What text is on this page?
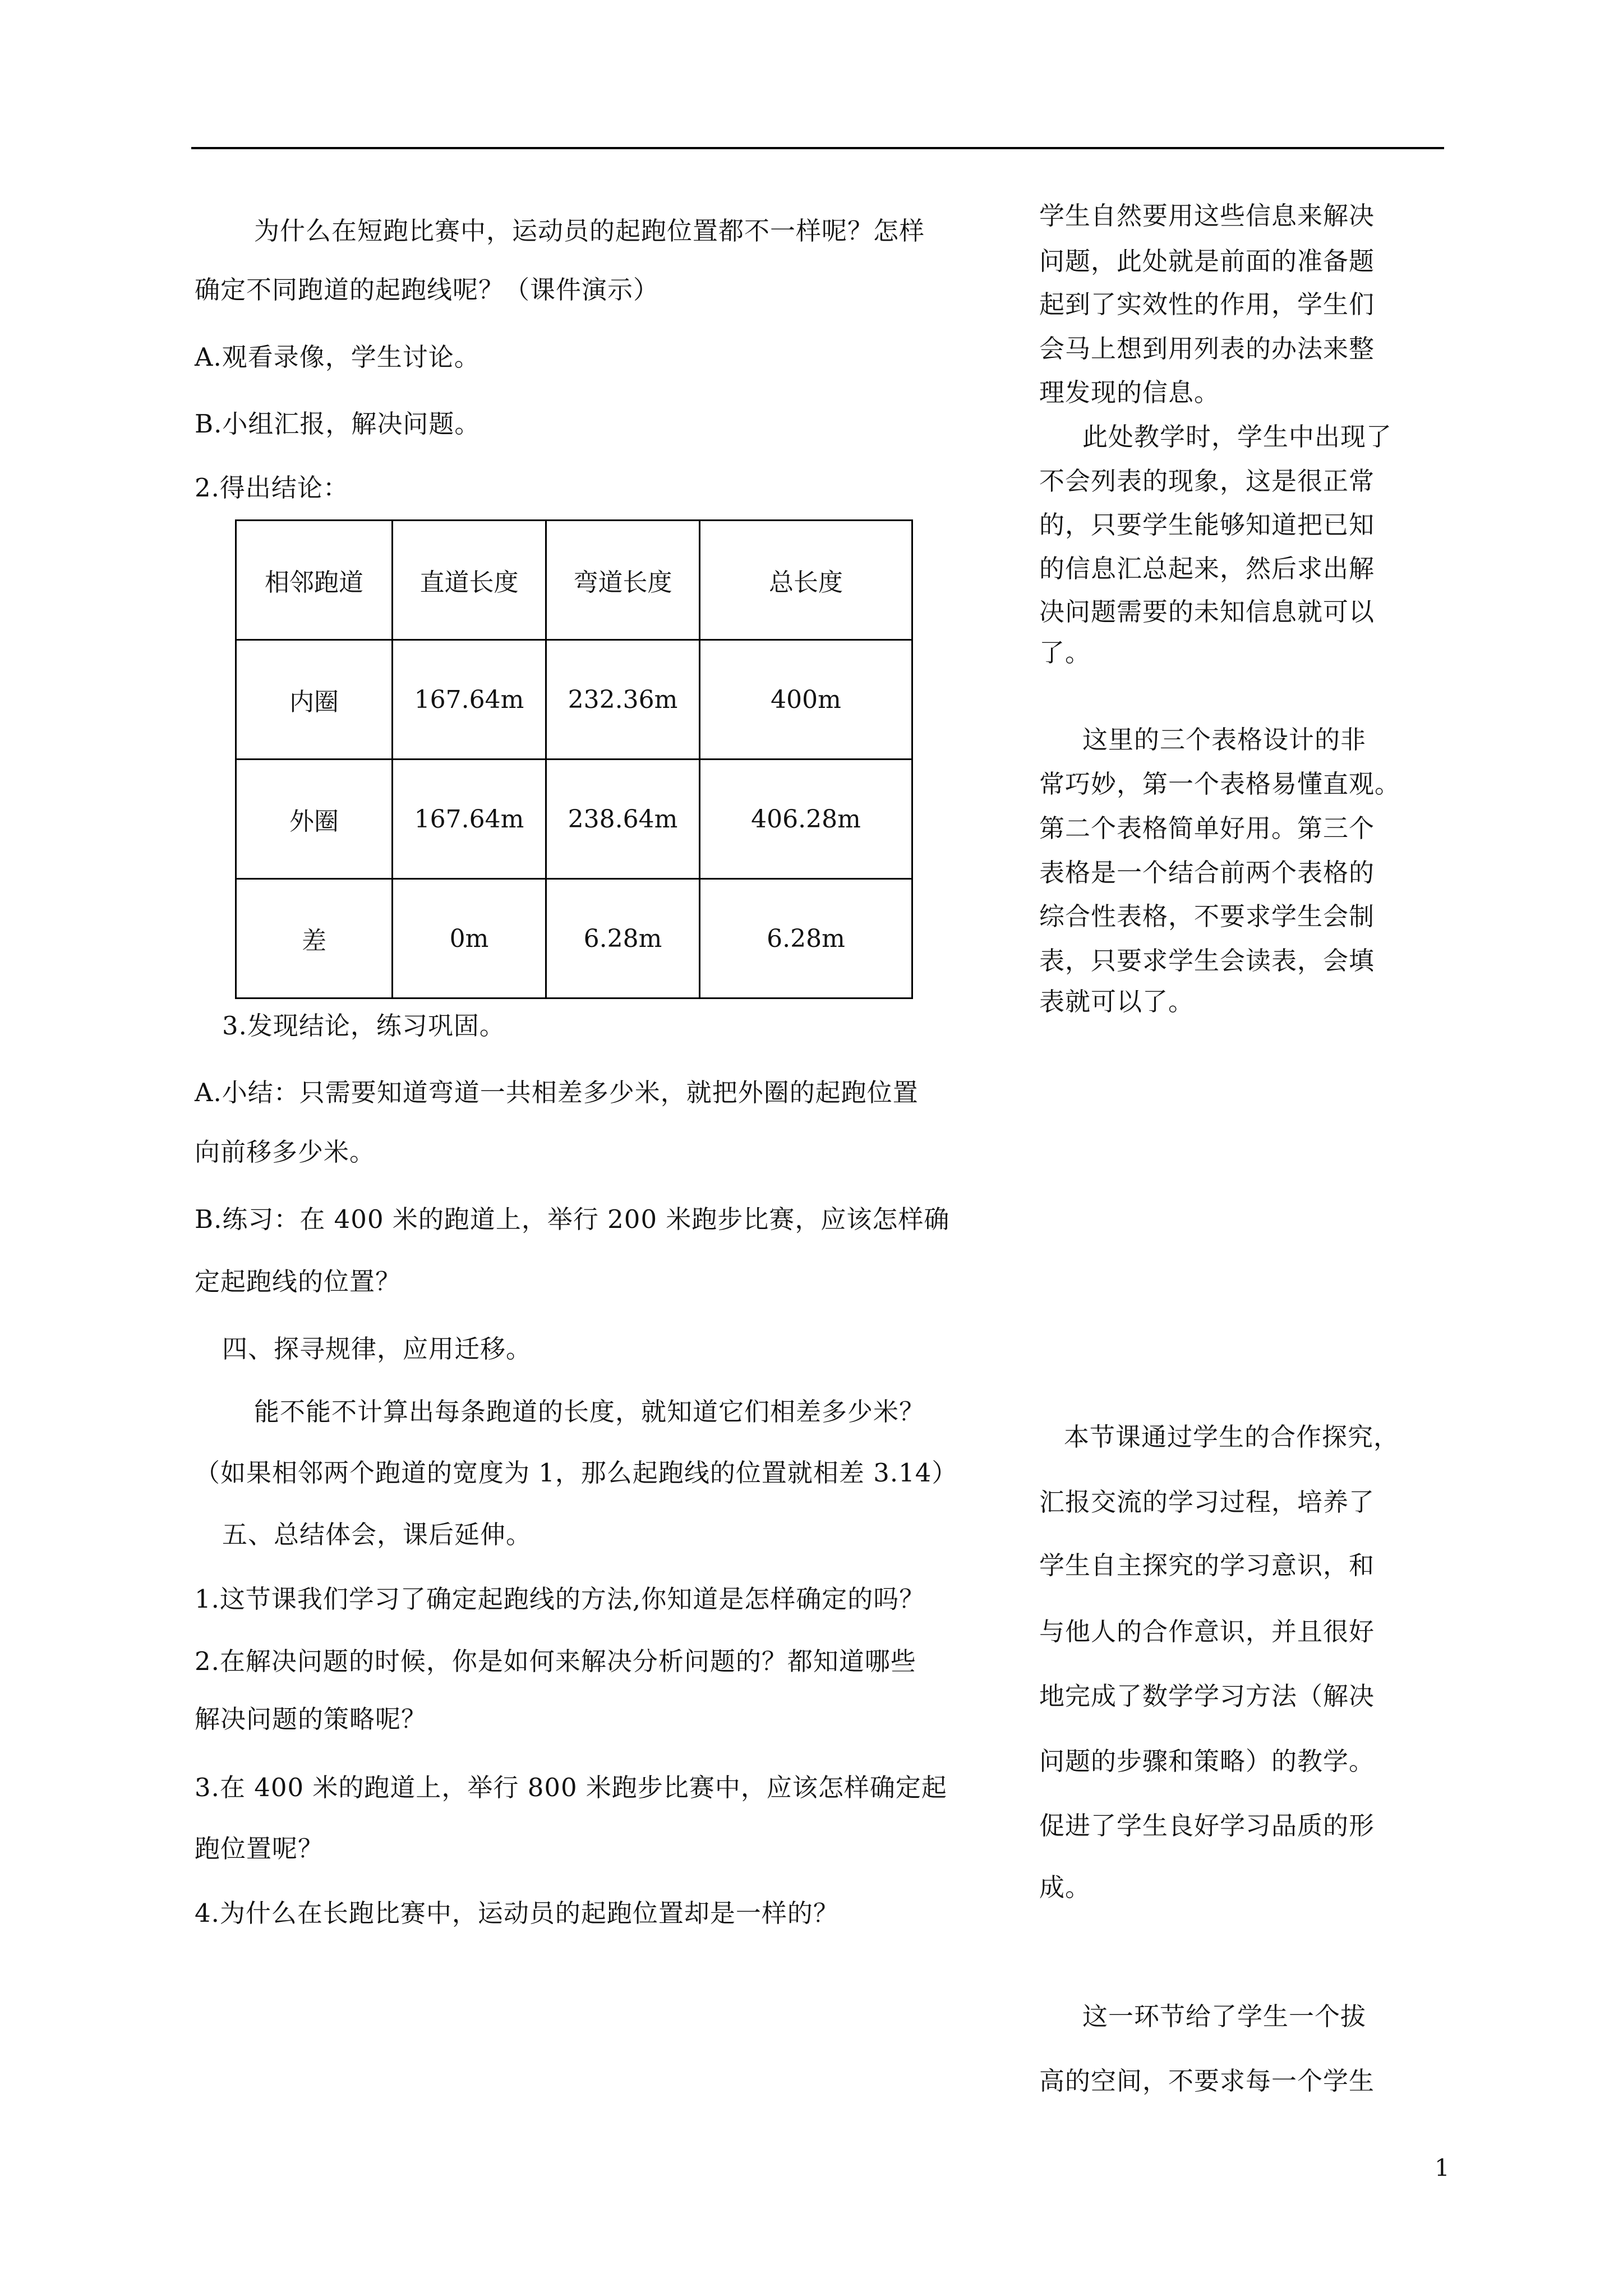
为什么在短跑比赛中，运动员的起跑位置都不一样呢？怎样
确定不同跑道的起跑线呢？（课件演示）
A.观看录像，学生讨论。
B.小组汇报，解决问题。
2.得出结论：
相邻跑道	直道长度	弯道长度	总长度
内圈	167.64m	232.36m	400m
外圈	167.64m	238.64m	406.28m
差	0m	6.28m	6.28m
3.发现结论，练习巩固。
A.小结：只需要知道弯道一共相差多少米，就把外圈的起跑位置
向前移多少米。
B.练习：在 400 米的跑道上，举行 200 米跑步比赛，应该怎样确
定起跑线的位置？
四、探寻规律，应用迁移。
能不能不计算出每条跑道的长度，就知道它们相差多少米？
（如果相邻两个跑道的宽度为 1，那么起跑线的位置就相差 3.14）
五、总结体会，课后延伸。
1.这节课我们学习了确定起跑线的方法,你知道是怎样确定的吗？
2.在解决问题的时候，你是如何来解决分析问题的？都知道哪些
解决问题的策略呢？
3.在 400 米的跑道上，举行 800 米跑步比赛中，应该怎样确定起
跑位置呢？
4.为什么在长跑比赛中，运动员的起跑位置却是一样的？
学生自然要用这些信息来解决
问题，此处就是前面的准备题
起到了实效性的作用，学生们
会马上想到用列表的办法来整
理发现的信息。
此处教学时，学生中出现了
不会列表的现象，这是很正常
的，只要学生能够知道把已知
的信息汇总起来，然后求出解
决问题需要的未知信息就可以
了。
这里的三个表格设计的非
常巧妙，第一个表格易懂直观。
第二个表格简单好用。第三个
表格是一个结合前两个表格的
综合性表格，不要求学生会制
表，只要求学生会读表，会填
表就可以了。
本节课通过学生的合作探究，
汇报交流的学习过程，培养了
学生自主探究的学习意识，和
与他人的合作意识，并且很好
地完成了数学学习方法（解决
问题的步骤和策略）的教学。
促进了学生良好学习品质的形
成。
这一环节给了学生一个拔
高的空间，不要求每一个学生
1
